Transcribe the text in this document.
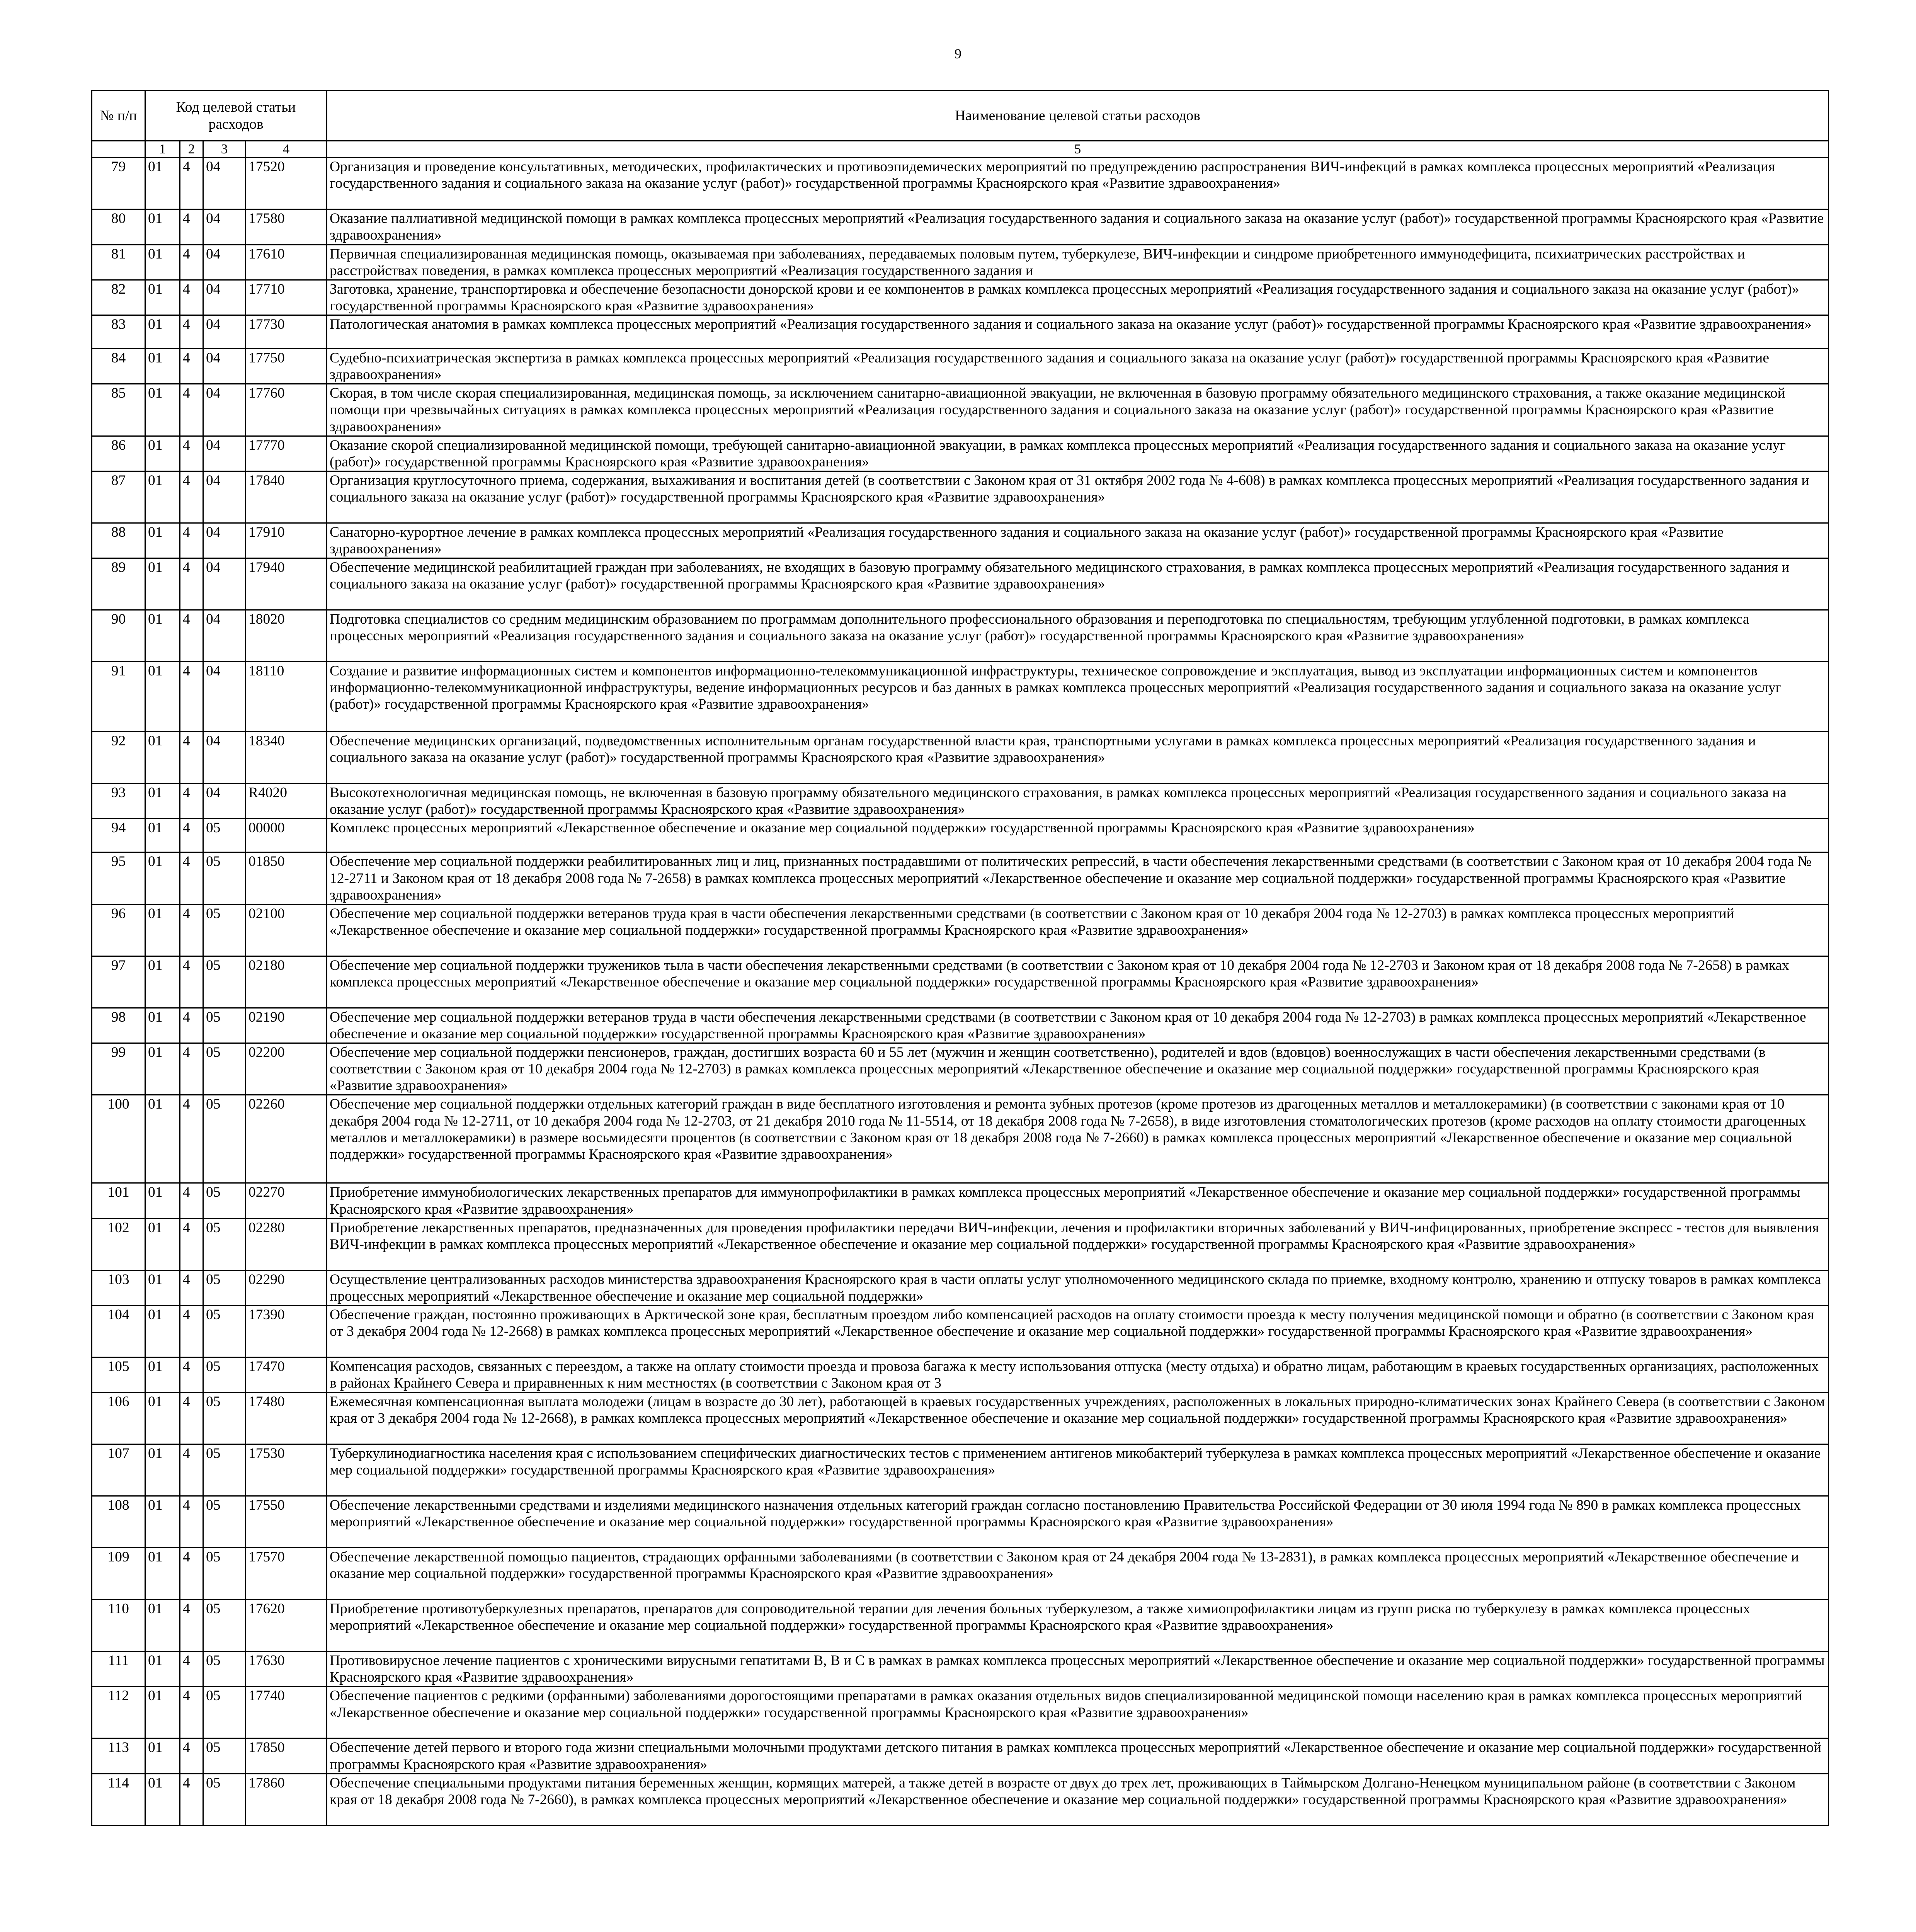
9
№ п/п	Код целевой статьи расходов				Наименование целевой статьи расходов

	1	2	3	4	5
79	01	4	04	17520	Организация и проведение консультативных, методических, профилактических и противоэпидемических мероприятий по предупреждению распространения ВИЧ-инфекций в рамках комплекса процессных мероприятий «Реализация государственного задания и социального заказа на оказание услуг (работ)» государственной программы Красноярского края «Развитие здравоохранения»
80	01	4	04	17580	Оказание паллиативной медицинской помощи в рамках комплекса процессных мероприятий «Реализация государственного задания и социального заказа на оказание услуг (работ)» государственной программы Красноярского края «Развитие здравоохранения»
81	01	4	04	17610	Первичная специализированная медицинская помощь, оказываемая при заболеваниях, передаваемых половым путем, туберкулезе, ВИЧ-инфекции и синдроме приобретенного иммунодефицита, психиатрических расстройствах и расстройствах поведения, в рамках комплекса процессных мероприятий «Реализация государственного задания и
82	01	4	04	17710	Заготовка, хранение, транспортировка и обеспечение безопасности донорской крови и ее компонентов в рамках комплекса процессных мероприятий «Реализация государственного задания и социального заказа на оказание услуг (работ)» государственной программы Красноярского края «Развитие здравоохранения»
83	01	4	04	17730	Патологическая анатомия в рамках комплекса процессных мероприятий «Реализация государственного задания и социального заказа на оказание услуг (работ)» государственной программы Красноярского края «Развитие здравоохранения»
84	01	4	04	17750	Судебно-психиатрическая экспертиза в рамках комплекса процессных мероприятий «Реализация государственного задания и социального заказа на оказание услуг (работ)» государственной программы Красноярского края «Развитие здравоохранения»
85	01	4	04	17760	Скорая, в том числе скорая специализированная, медицинская помощь, за исключением санитарно-авиационной эвакуации, не включенная в базовую программу обязательного медицинского страхования, а также оказание медицинской помощи при чрезвычайных ситуациях в рамках комплекса процессных мероприятий «Реализация государственного задания и социального заказа на оказание услуг (работ)» государственной программы Красноярского края «Развитие здравоохранения»
86	01	4	04	17770	Оказание скорой специализированной медицинской помощи, требующей санитарно-авиационной эвакуации, в рамках комплекса процессных мероприятий «Реализация государственного задания и социального заказа на оказание услуг (работ)» государственной программы Красноярского края «Развитие здравоохранения»
87	01	4	04	17840	Организация круглосуточного приема, содержания, выхаживания и воспитания детей (в соответствии с Законом края от 31 октября 2002 года № 4-608) в рамках комплекса процессных мероприятий «Реализация государственного задания и социального заказа на оказание услуг (работ)» государственной программы Красноярского края «Развитие здравоохранения»
88	01	4	04	17910	Санаторно-курортное лечение в рамках комплекса процессных мероприятий «Реализация государственного задания и социального заказа на оказание услуг (работ)» государственной программы Красноярского края «Развитие здравоохранения»
89	01	4	04	17940	Обеспечение медицинской реабилитацией граждан при заболеваниях, не входящих в базовую программу обязательного медицинского страхования, в рамках комплекса процессных мероприятий «Реализация государственного задания и социального заказа на оказание услуг (работ)» государственной программы Красноярского края «Развитие здравоохранения»
90	01	4	04	18020	Подготовка специалистов со средним медицинским образованием по программам дополнительного профессионального образования и переподготовка по специальностям, требующим углубленной подготовки, в рамках комплекса процессных мероприятий «Реализация государственного задания и социального заказа на оказание услуг (работ)» государственной программы Красноярского края «Развитие здравоохранения»
91	01	4	04	18110	Создание и развитие информационных систем и компонентов информационно-телекоммуникационной инфраструктуры, техническое сопровождение и эксплуатация, вывод из эксплуатации информационных систем и компонентов информационно-телекоммуникационной инфраструктуры, ведение информационных ресурсов и баз данных в рамках комплекса процессных мероприятий «Реализация государственного задания и социального заказа на оказание услуг (работ)» государственной программы Красноярского края «Развитие здравоохранения»
92	01	4	04	18340	Обеспечение медицинских организаций, подведомственных исполнительным органам государственной власти края, транспортными услугами в рамках комплекса процессных мероприятий «Реализация государственного задания и социального заказа на оказание услуг (работ)» государственной программы Красноярского края «Развитие здравоохранения»
93	01	4	04	R4020	Высокотехнологичная медицинская помощь, не включенная в базовую программу обязательного медицинского страхования, в рамках комплекса процессных мероприятий «Реализация государственного задания и социального заказа на оказание услуг (работ)» государственной программы Красноярского края «Развитие здравоохранения»
94	01	4	05	00000	Комплекс процессных мероприятий «Лекарственное обеспечение и оказание мер социальной поддержки» государственной программы Красноярского края «Развитие здравоохранения»
95	01	4	05	01850	Обеспечение мер социальной поддержки реабилитированных лиц и лиц, признанных пострадавшими от политических репрессий, в части обеспечения лекарственными средствами (в соответствии с Законом края от 10 декабря 2004 года № 12-2711 и Законом края от 18 декабря 2008 года № 7-2658) в рамках комплекса процессных мероприятий «Лекарственное обеспечение и оказание мер социальной поддержки» государственной программы Красноярского края «Развитие здравоохранения»
96	01	4	05	02100	Обеспечение мер социальной поддержки ветеранов труда края в части обеспечения лекарственными средствами (в соответствии с Законом края от 10 декабря 2004 года № 12-2703) в рамках комплекса процессных мероприятий «Лекарственное обеспечение и оказание мер социальной поддержки» государственной программы Красноярского края «Развитие здравоохранения»
97	01	4	05	02180	Обеспечение мер социальной поддержки тружеников тыла в части обеспечения лекарственными средствами (в соответствии с Законом края от 10 декабря 2004 года № 12-2703 и Законом края от 18 декабря 2008 года № 7-2658) в рамках комплекса процессных мероприятий «Лекарственное обеспечение и оказание мер социальной поддержки» государственной программы Красноярского края «Развитие здравоохранения»
98	01	4	05	02190	Обеспечение мер социальной поддержки ветеранов труда в части обеспечения лекарственными средствами (в соответствии с Законом края от 10 декабря 2004 года № 12-2703) в рамках комплекса процессных мероприятий «Лекарственное обеспечение и оказание мер социальной поддержки» государственной программы Красноярского края «Развитие здравоохранения»
99	01	4	05	02200	Обеспечение мер социальной поддержки пенсионеров, граждан, достигших возраста 60 и 55 лет (мужчин и женщин соответственно), родителей и вдов (вдовцов) военнослужащих в части обеспечения лекарственными средствами (в соответствии с Законом края от 10 декабря 2004 года № 12-2703) в рамках комплекса процессных мероприятий «Лекарственное обеспечение и оказание мер социальной поддержки» государственной программы Красноярского края «Развитие здравоохранения»
100	01	4	05	02260	Обеспечение мер социальной поддержки отдельных категорий граждан в виде бесплатного изготовления и ремонта зубных протезов (кроме протезов из драгоценных металлов и металлокерамики) (в соответствии с законами края от 10 декабря 2004 года № 12-2711, от 10 декабря 2004 года № 12-2703, от 21 декабря 2010 года № 11-5514, от 18 декабря 2008 года № 7-2658), в виде изготовления стоматологических протезов (кроме расходов на оплату стоимости драгоценных металлов и металлокерамики) в размере восьмидесяти процентов (в соответствии с Законом края от 18 декабря 2008 года № 7-2660) в рамках комплекса процессных мероприятий «Лекарственное обеспечение и оказание мер социальной поддержки» государственной программы Красноярского края «Развитие здравоохранения»
101	01	4	05	02270	Приобретение иммунобиологических лекарственных препаратов для иммунопрофилактики в рамках комплекса процессных мероприятий «Лекарственное обеспечение и оказание мер социальной поддержки» государственной программы Красноярского края «Развитие здравоохранения»
102	01	4	05	02280	Приобретение лекарственных препаратов, предназначенных для проведения профилактики передачи ВИЧ-инфекции, лечения и профилактики вторичных заболеваний у ВИЧ-инфицированных, приобретение экспресс - тестов для выявления ВИЧ-инфекции в рамках комплекса процессных мероприятий «Лекарственное обеспечение и оказание мер социальной поддержки» государственной программы Красноярского края «Развитие здравоохранения»
103	01	4	05	02290	Осуществление централизованных расходов министерства здравоохранения Красноярского края в части оплаты услуг уполномоченного медицинского склада по приемке, входному контролю, хранению и отпуску товаров в рамках комплекса процессных мероприятий «Лекарственное обеспечение и оказание мер социальной поддержки»
104	01	4	05	17390	Обеспечение граждан, постоянно проживающих в Арктической зоне края, бесплатным проездом либо компенсацией расходов на оплату стоимости проезда к месту получения медицинской помощи и обратно (в соответствии с Законом края от 3 декабря 2004 года № 12-2668) в рамках комплекса процессных мероприятий «Лекарственное обеспечение и оказание мер социальной поддержки» государственной программы Красноярского края «Развитие здравоохранения»
105	01	4	05	17470	Компенсация расходов, связанных с переездом, а также на оплату стоимости проезда и провоза багажа к месту использования отпуска (месту отдыха) и обратно лицам, работающим в краевых государственных организациях, расположенных в районах Крайнего Севера и приравненных к ним местностях (в соответствии с Законом края от 3
106	01	4	05	17480	Ежемесячная компенсационная выплата молодежи (лицам в возрасте до 30 лет), работающей в краевых государственных учреждениях, расположенных в локальных природно-климатических зонах Крайнего Севера (в соответствии с Законом края от 3 декабря 2004 года № 12-2668), в рамках комплекса процессных мероприятий «Лекарственное обеспечение и оказание мер социальной поддержки» государственной программы Красноярского края «Развитие здравоохранения»
107	01	4	05	17530	Туберкулинодиагностика населения края с использованием специфических диагностических тестов с применением антигенов микобактерий туберкулеза в рамках комплекса процессных мероприятий «Лекарственное обеспечение и оказание мер социальной поддержки» государственной программы Красноярского края «Развитие здравоохранения»
108	01	4	05	17550	Обеспечение лекарственными средствами и изделиями медицинского назначения отдельных категорий граждан согласно постановлению Правительства Российской Федерации от 30 июля 1994 года № 890 в рамках комплекса процессных мероприятий «Лекарственное обеспечение и оказание мер социальной поддержки» государственной программы Красноярского края «Развитие здравоохранения»
109	01	4	05	17570	Обеспечение лекарственной помощью пациентов, страдающих орфанными заболеваниями (в соответствии с Законом края от 24 декабря 2004 года № 13-2831), в рамках комплекса процессных мероприятий «Лекарственное обеспечение и оказание мер социальной поддержки» государственной программы Красноярского края «Развитие здравоохранения»
110	01	4	05	17620	Приобретение противотуберкулезных препаратов, препаратов для сопроводительной терапии для лечения больных туберкулезом, а также химиопрофилактики лицам из групп риска по туберкулезу в рамках комплекса процессных мероприятий «Лекарственное обеспечение и оказание мер социальной поддержки» государственной программы Красноярского края «Развитие здравоохранения»
111	01	4	05	17630	Противовирусное лечение пациентов с хроническими вирусными гепатитами B, B и C в рамках в рамках комплекса процессных мероприятий «Лекарственное обеспечение и оказание мер социальной поддержки» государственной программы Красноярского края «Развитие здравоохранения»
112	01	4	05	17740	Обеспечение пациентов с редкими (орфанными) заболеваниями дорогостоящими препаратами в рамках оказания отдельных видов специализированной медицинской помощи населению края в рамках комплекса процессных мероприятий «Лекарственное обеспечение и оказание мер социальной поддержки» государственной программы Красноярского края «Развитие здравоохранения»
113	01	4	05	17850	Обеспечение детей первого и второго года жизни специальными молочными продуктами детского питания в рамках комплекса процессных мероприятий «Лекарственное обеспечение и оказание мер социальной поддержки» государственной программы Красноярского края «Развитие здравоохранения»
114	01	4	05	17860	Обеспечение специальными продуктами питания беременных женщин, кормящих матерей, а также детей в возрасте от двух до трех лет, проживающих в Таймырском Долгано-Ненецком муниципальном районе (в соответствии с Законом края от 18 декабря 2008 года № 7-2660), в рамках комплекса процессных мероприятий «Лекарственное обеспечение и оказание мер социальной поддержки» государственной программы Красноярского края «Развитие здравоохранения»
